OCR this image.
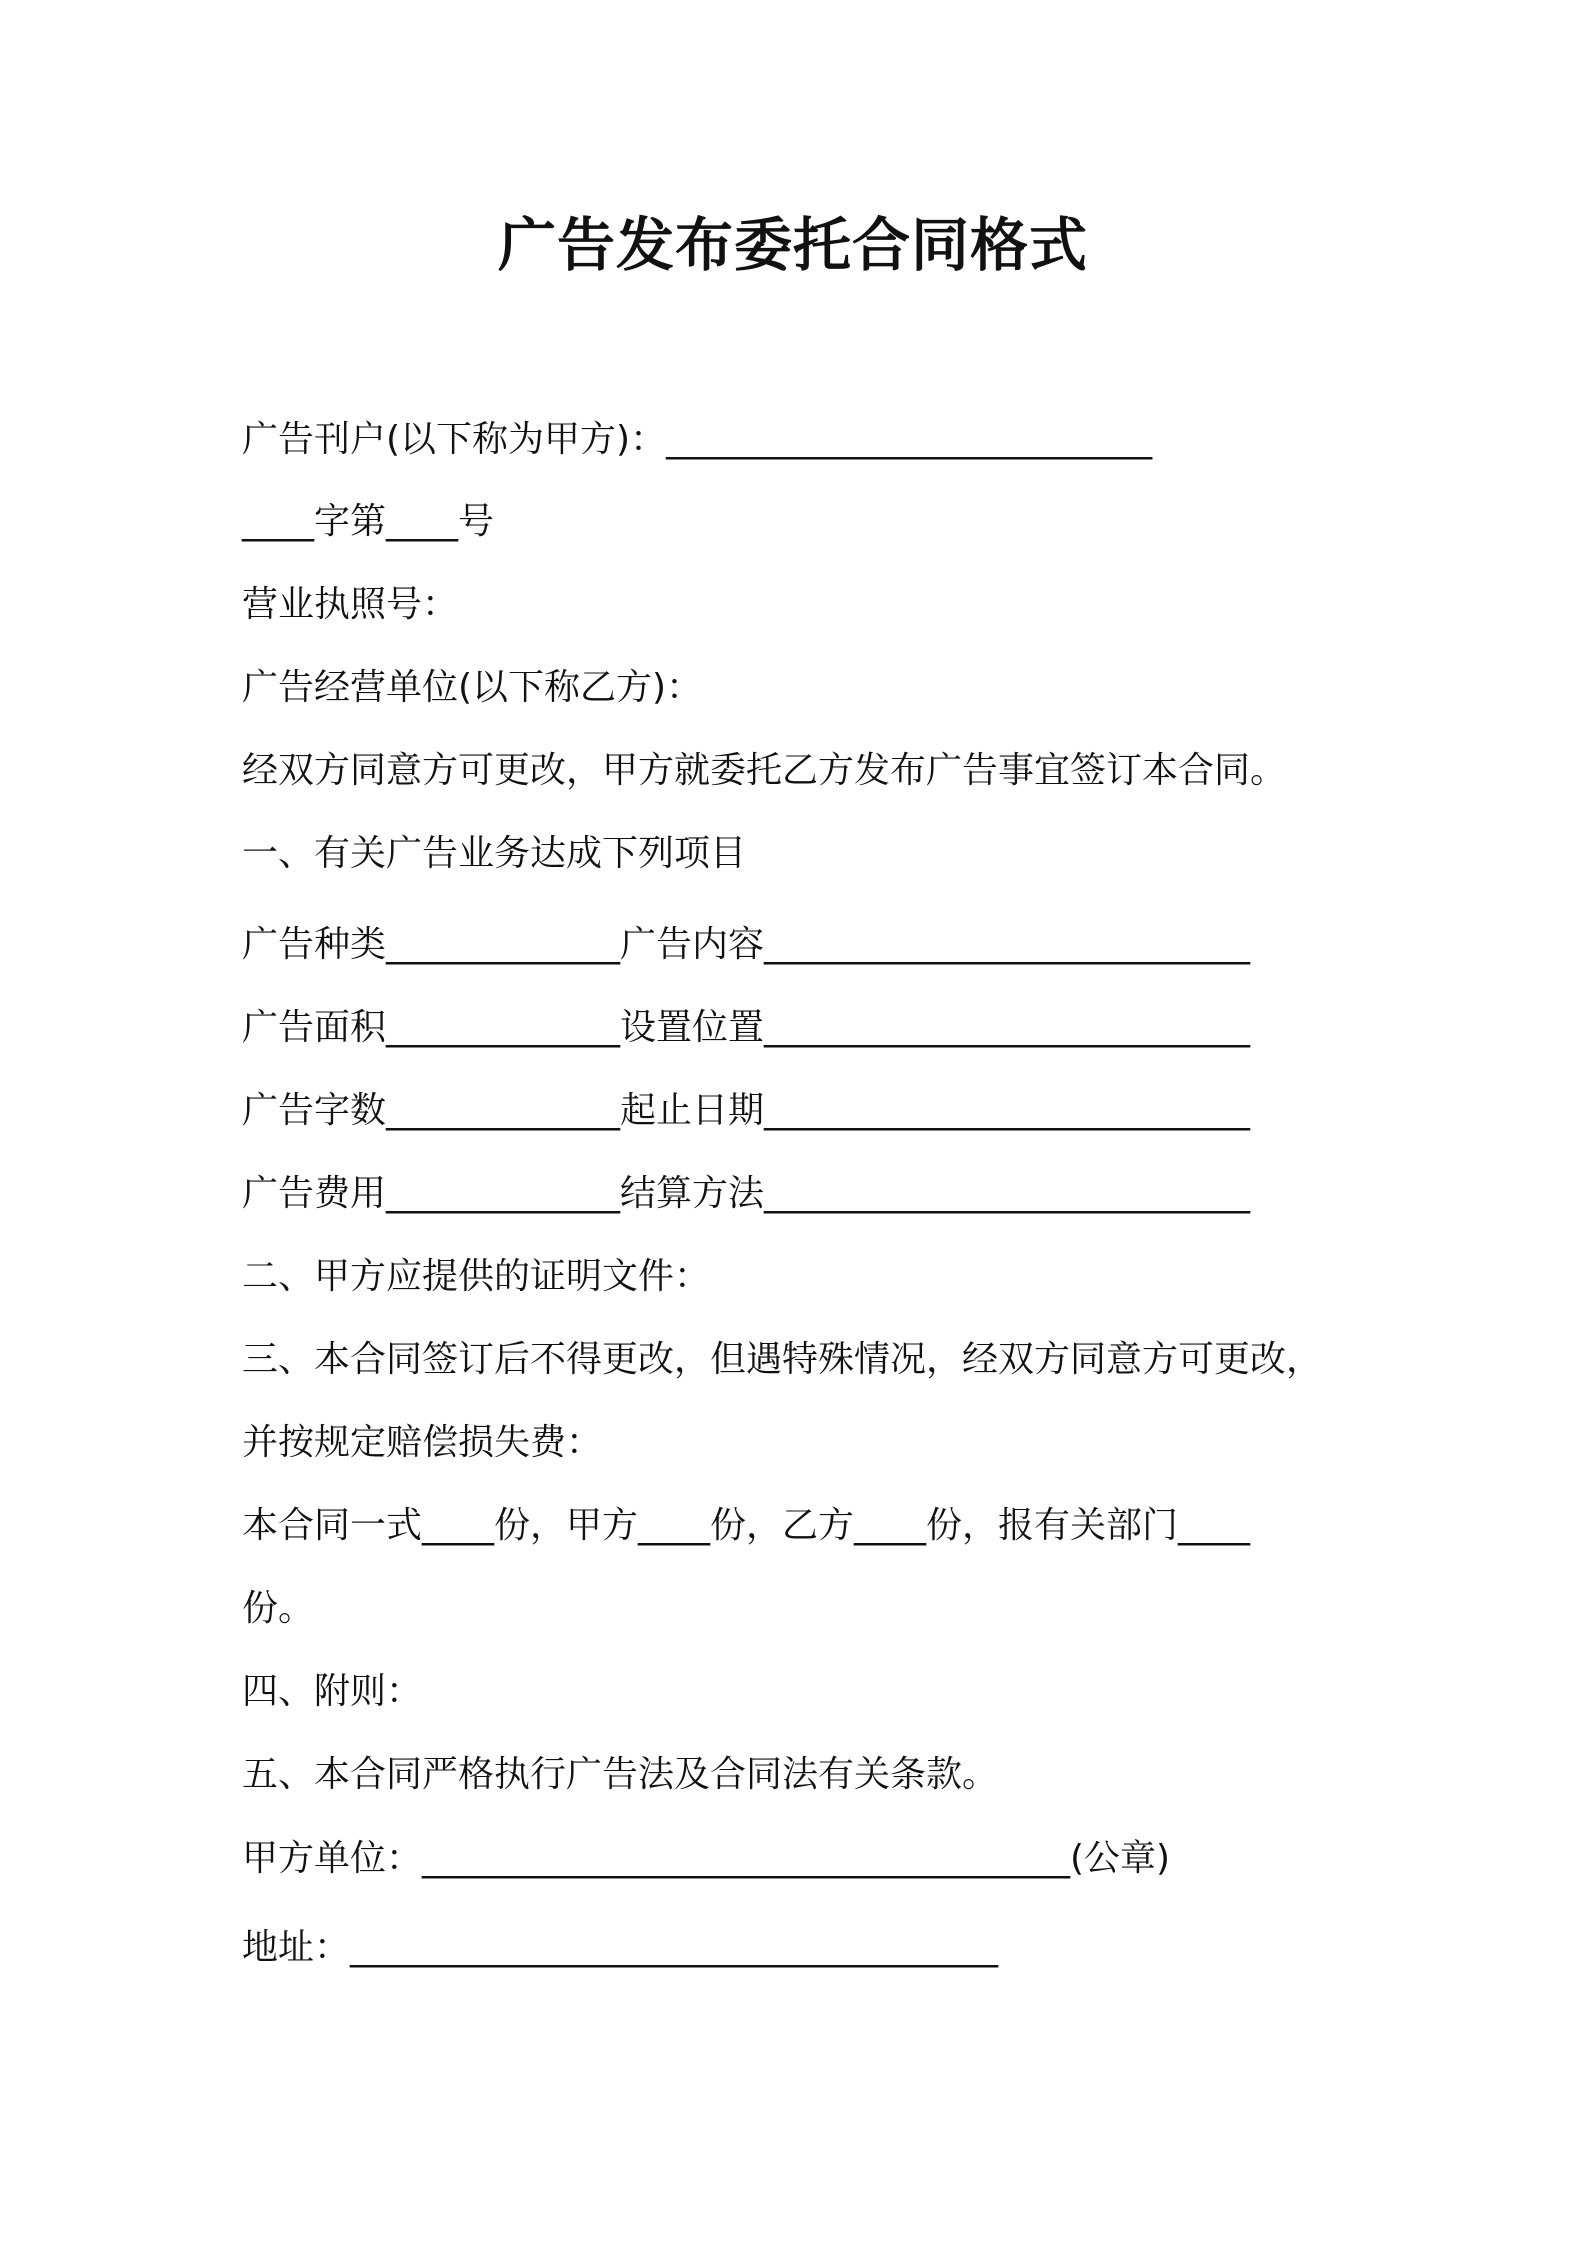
广告发布委托合同格式

广告刊户(以下称为甲方)：___________________________

____字第____号

营业执照号：

广告经营单位(以下称乙方)：

经双方同意方可更改，甲方就委托乙方发布广告事宜签订本合同。

一、有关广告业务达成下列项目

广告种类_____________广告内容___________________________

广告面积_____________设置位置___________________________

广告字数_____________起止日期___________________________

广告费用_____________结算方法___________________________

二、甲方应提供的证明文件：

三、本合同签订后不得更改，但遇特殊情况，经双方同意方可更改，

并按规定赔偿损失费：

本合同一式____份，甲方____份，乙方____份，报有关部门____

份。

四、附则：

五、本合同严格执行广告法及合同法有关条款。

甲方单位：____________________________________(公章)

地址：____________________________________
